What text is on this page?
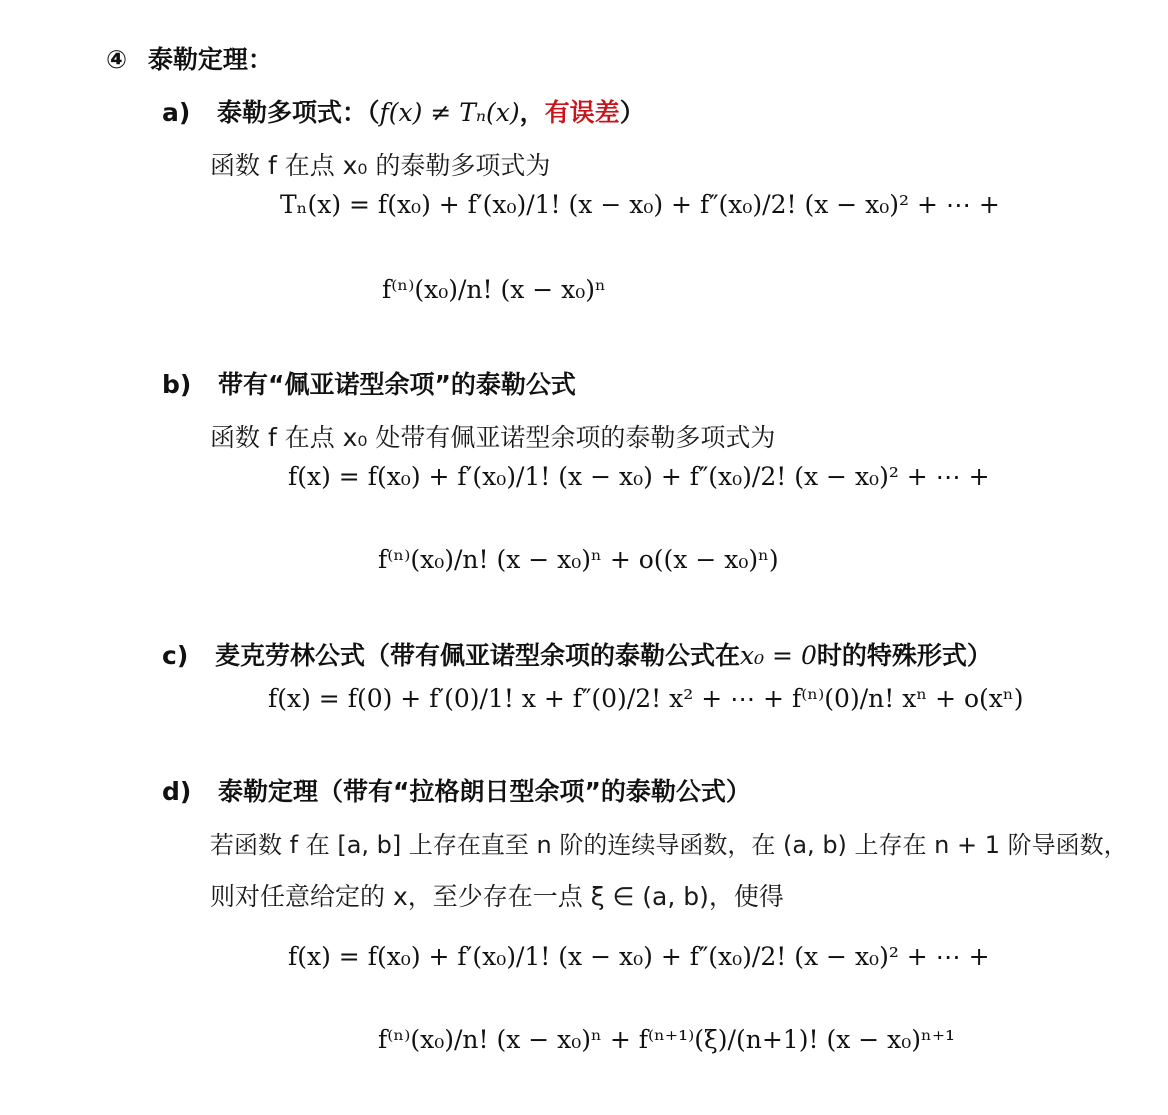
④ 泰勒定理：
a) 泰勒多项式：（f(x) ≠ Tₙ(x)，有误差）
函数 f 在点 x₀ 的泰勒多项式为
Tₙ(x) = f(x₀) + f′(x₀)/1! (x − x₀) + f″(x₀)/2! (x − x₀)² + ⋯ +
f⁽ⁿ⁾(x₀)/n! (x − x₀)ⁿ
b) 带有“佩亚诺型余项”的泰勒公式
函数 f 在点 x₀ 处带有佩亚诺型余项的泰勒多项式为
f(x) = f(x₀) + f′(x₀)/1! (x − x₀) + f″(x₀)/2! (x − x₀)² + ⋯ +
f⁽ⁿ⁾(x₀)/n! (x − x₀)ⁿ + o((x − x₀)ⁿ)
c) 麦克劳林公式（带有佩亚诺型余项的泰勒公式在x₀ = 0时的特殊形式）
f(x) = f(0) + f′(0)/1! x + f″(0)/2! x² + ⋯ + f⁽ⁿ⁾(0)/n! xⁿ + o(xⁿ)
d) 泰勒定理（带有“拉格朗日型余项”的泰勒公式）
若函数 f 在 [a, b] 上存在直至 n 阶的连续导函数，在 (a, b) 上存在 n + 1 阶导函数，
则对任意给定的 x，至少存在一点 ξ ∈ (a, b)，使得
f(x) = f(x₀) + f′(x₀)/1! (x − x₀) + f″(x₀)/2! (x − x₀)² + ⋯ +
f⁽ⁿ⁾(x₀)/n! (x − x₀)ⁿ + f⁽ⁿ⁺¹⁾(ξ)/(n+1)! (x − x₀)ⁿ⁺¹
